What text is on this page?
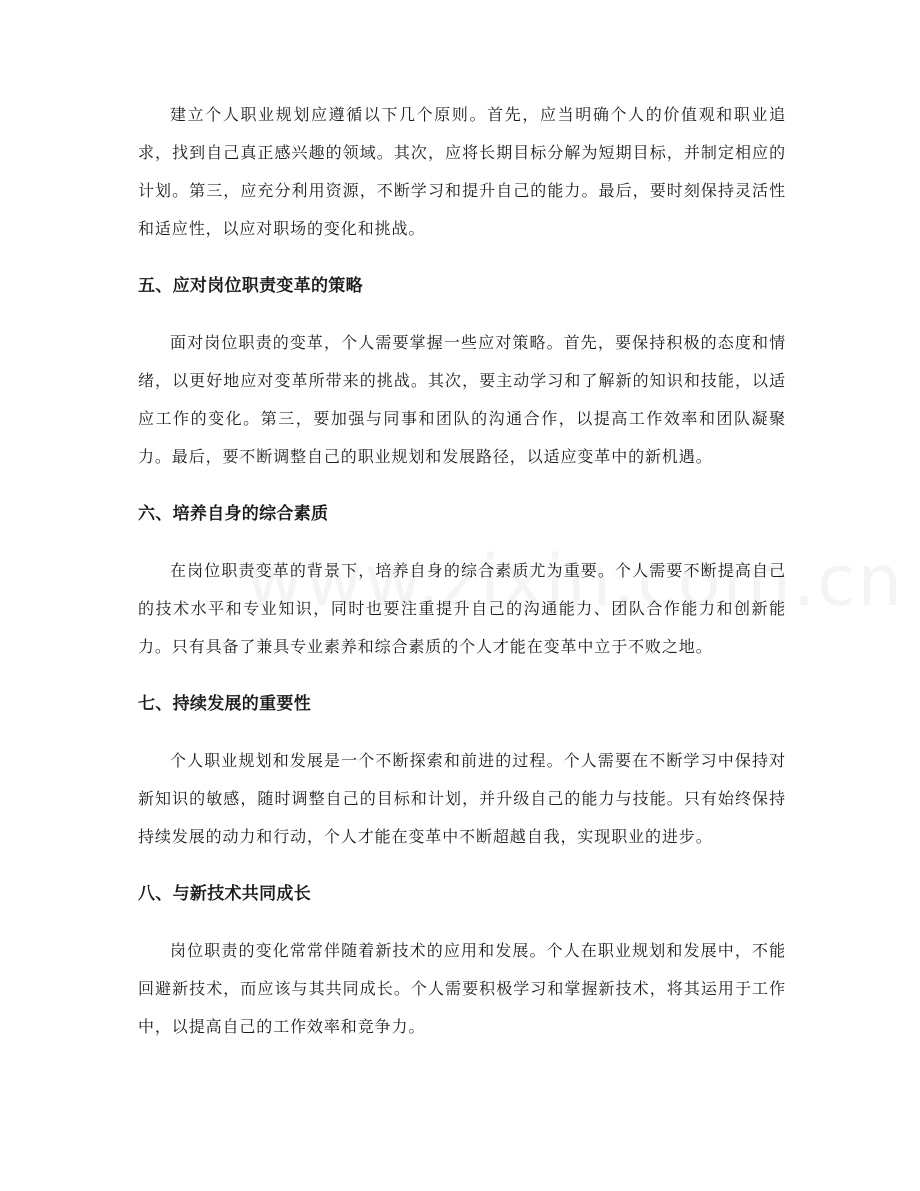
建立个人职业规划应遵循以下几个原则。首先，应当明确个人的价值观和职业追求，找到自己真正感兴趣的领域。其次，应将长期目标分解为短期目标，并制定相应的计划。第三，应充分利用资源，不断学习和提升自己的能力。最后，要时刻保持灵活性和适应性，以应对职场的变化和挑战。

五、应对岗位职责变革的策略

面对岗位职责的变革，个人需要掌握一些应对策略。首先，要保持积极的态度和情绪，以更好地应对变革所带来的挑战。其次，要主动学习和了解新的知识和技能，以适应工作的变化。第三，要加强与同事和团队的沟通合作，以提高工作效率和团队凝聚力。最后，要不断调整自己的职业规划和发展路径，以适应变革中的新机遇。

六、培养自身的综合素质

在岗位职责变革的背景下，培养自身的综合素质尤为重要。个人需要不断提高自己的技术水平和专业知识，同时也要注重提升自己的沟通能力、团队合作能力和创新能力。只有具备了兼具专业素养和综合素质的个人才能在变革中立于不败之地。

七、持续发展的重要性

个人职业规划和发展是一个不断探索和前进的过程。个人需要在不断学习中保持对新知识的敏感，随时调整自己的目标和计划，并升级自己的能力与技能。只有始终保持持续发展的动力和行动，个人才能在变革中不断超越自我，实现职业的进步。

八、与新技术共同成长

岗位职责的变化常常伴随着新技术的应用和发展。个人在职业规划和发展中，不能回避新技术，而应该与其共同成长。个人需要积极学习和掌握新技术，将其运用于工作中，以提高自己的工作效率和竞争力。
